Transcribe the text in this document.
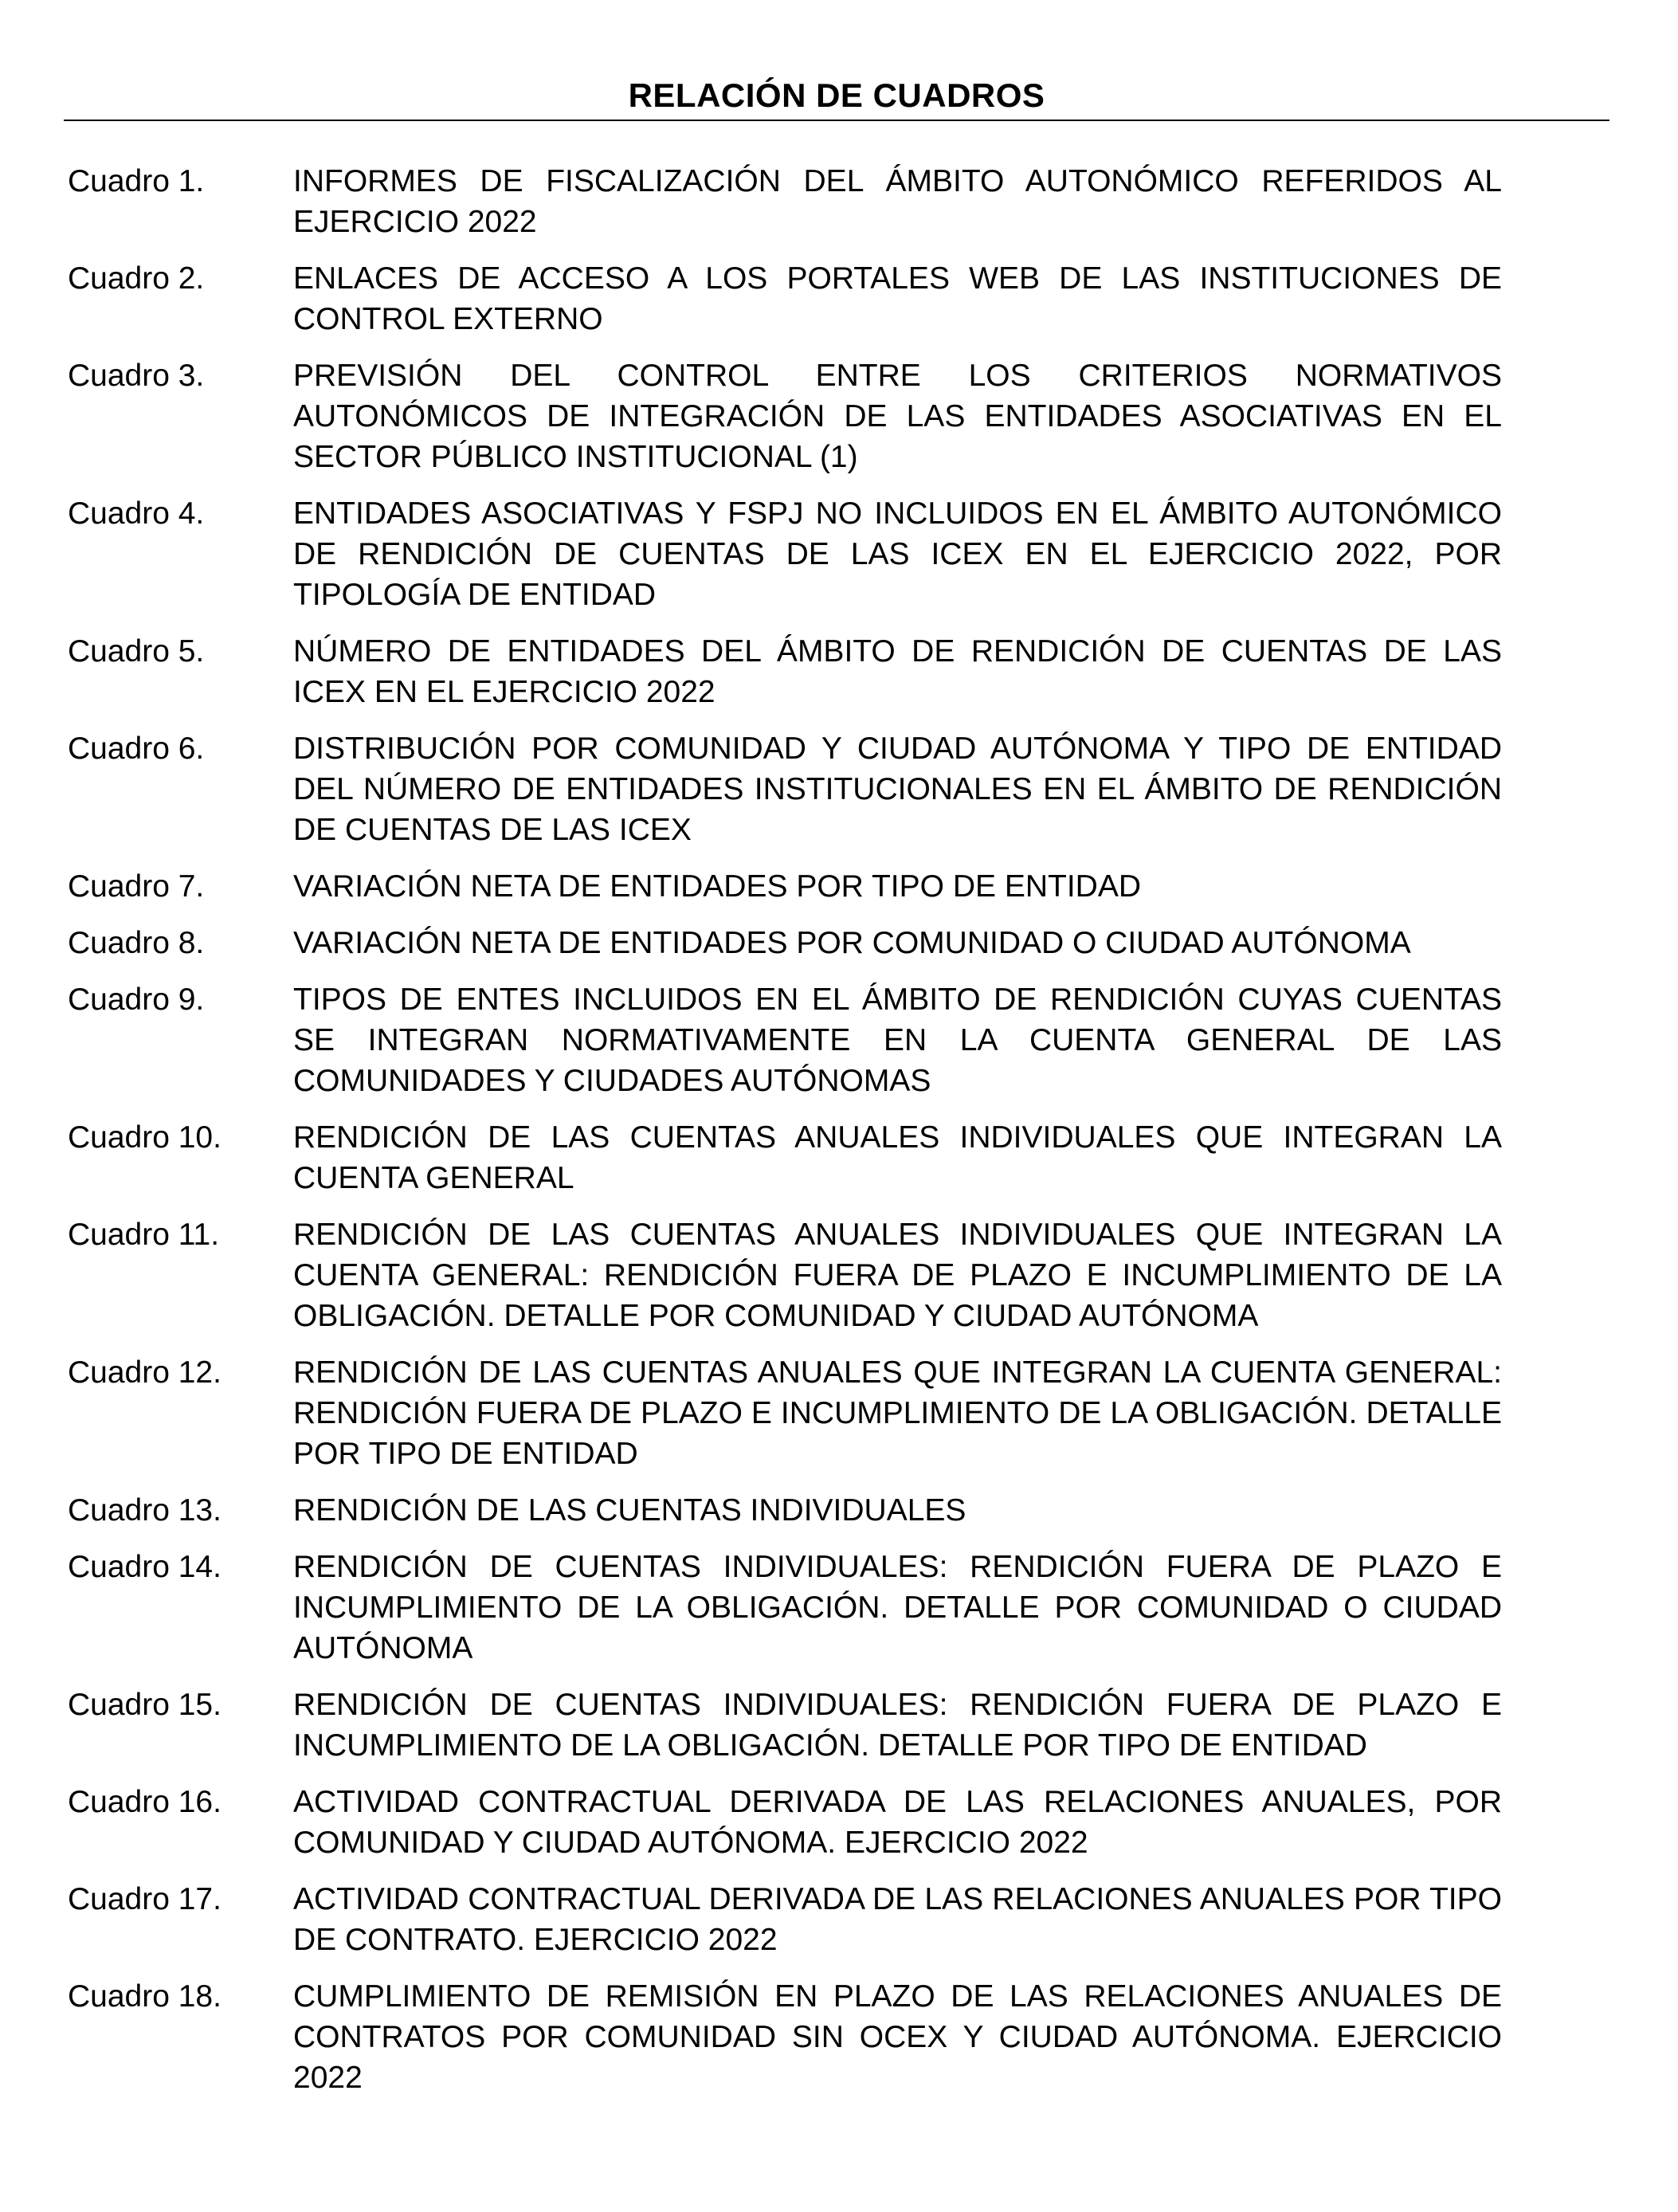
RELACIÓN DE CUADROS
Cuadro 1.	INFORMES DE FISCALIZACIÓN DEL ÁMBITO AUTONÓMICO REFERIDOS AL EJERCICIO 2022
Cuadro 2.	ENLACES DE ACCESO A LOS PORTALES WEB DE LAS INSTITUCIONES DE CONTROL EXTERNO
Cuadro 3.	PREVISIÓN DEL CONTROL ENTRE LOS CRITERIOS NORMATIVOS AUTONÓMICOS DE INTEGRACIÓN DE LAS ENTIDADES ASOCIATIVAS EN EL SECTOR PÚBLICO INSTITUCIONAL (1)
Cuadro 4.	ENTIDADES ASOCIATIVAS Y FSPJ NO INCLUIDOS EN EL ÁMBITO AUTONÓMICO DE RENDICIÓN DE CUENTAS DE LAS ICEX EN EL EJERCICIO 2022, POR TIPOLOGÍA DE ENTIDAD
Cuadro 5.	NÚMERO DE ENTIDADES DEL ÁMBITO DE RENDICIÓN DE CUENTAS DE LAS ICEX EN EL EJERCICIO 2022
Cuadro 6.	DISTRIBUCIÓN POR COMUNIDAD Y CIUDAD AUTÓNOMA Y TIPO DE ENTIDAD DEL NÚMERO DE ENTIDADES INSTITUCIONALES EN EL ÁMBITO DE RENDICIÓN DE CUENTAS DE LAS ICEX
Cuadro 7.	VARIACIÓN NETA DE ENTIDADES POR TIPO DE ENTIDAD
Cuadro 8.	VARIACIÓN NETA DE ENTIDADES POR COMUNIDAD O CIUDAD AUTÓNOMA
Cuadro 9.	TIPOS DE ENTES INCLUIDOS EN EL ÁMBITO DE RENDICIÓN CUYAS CUENTAS SE INTEGRAN NORMATIVAMENTE EN LA CUENTA GENERAL DE LAS COMUNIDADES Y CIUDADES AUTÓNOMAS
Cuadro 10.	RENDICIÓN DE LAS CUENTAS ANUALES INDIVIDUALES QUE INTEGRAN LA CUENTA GENERAL
Cuadro 11.	RENDICIÓN DE LAS CUENTAS ANUALES INDIVIDUALES QUE INTEGRAN LA CUENTA GENERAL: RENDICIÓN FUERA DE PLAZO E INCUMPLIMIENTO DE LA OBLIGACIÓN. DETALLE POR COMUNIDAD Y CIUDAD AUTÓNOMA
Cuadro 12.	RENDICIÓN DE LAS CUENTAS ANUALES QUE INTEGRAN LA CUENTA GENERAL: RENDICIÓN FUERA DE PLAZO E INCUMPLIMIENTO DE LA OBLIGACIÓN. DETALLE POR TIPO DE ENTIDAD
Cuadro 13.	RENDICIÓN DE LAS CUENTAS INDIVIDUALES
Cuadro 14.	RENDICIÓN DE CUENTAS INDIVIDUALES: RENDICIÓN FUERA DE PLAZO E INCUMPLIMIENTO DE LA OBLIGACIÓN. DETALLE POR COMUNIDAD O CIUDAD AUTÓNOMA
Cuadro 15.	RENDICIÓN DE CUENTAS INDIVIDUALES: RENDICIÓN FUERA DE PLAZO E INCUMPLIMIENTO DE LA OBLIGACIÓN. DETALLE POR TIPO DE ENTIDAD
Cuadro 16.	ACTIVIDAD CONTRACTUAL DERIVADA DE LAS RELACIONES ANUALES, POR COMUNIDAD Y CIUDAD AUTÓNOMA. EJERCICIO 2022
Cuadro 17.	ACTIVIDAD CONTRACTUAL DERIVADA DE LAS RELACIONES ANUALES POR TIPO DE CONTRATO. EJERCICIO 2022
Cuadro 18.	CUMPLIMIENTO DE REMISIÓN EN PLAZO DE LAS RELACIONES ANUALES DE CONTRATOS POR COMUNIDAD SIN OCEX Y CIUDAD AUTÓNOMA. EJERCICIO 2022
